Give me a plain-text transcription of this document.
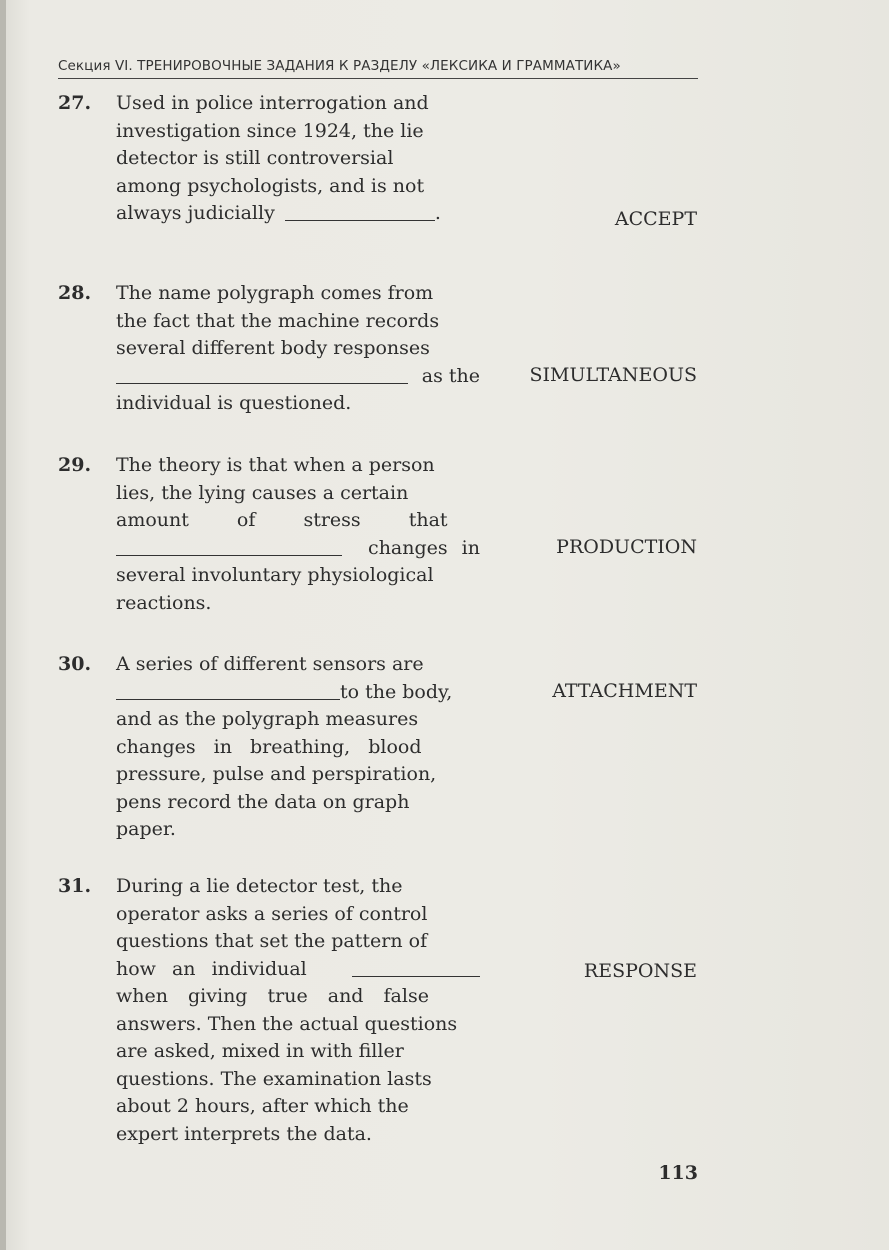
Секция VI. ТРЕНИРОВОЧНЫЕ ЗАДАНИЯ К РАЗДЕЛУ «ЛЕКСИКА И ГРАММАТИКА»
27.	Used in police interrogation and
investigation since 1924, the lie
detector is still controversial
among psychologists, and is not
always judicially	.	ACCEPT
28.	The name polygraph comes from
the fact that the machine records
several different body responses
as the
individual is questioned.
SIMULTANEOUS
29.	The theory is that when a person
lies, the lying causes a certain
amount of stress that
changes in
several involuntary physiological
reactions.
PRODUCTION
30.	A series of different sensors are
to the body,
and as the polygraph measures
changes in breathing, blood
pressure, pulse and perspiration,
pens record the data on graph
paper.
ATTACHMENT
31.	During a lie detector test, the
operator asks a series of control
questions that set the pattern of
how an individual
when giving true and false
answers. Then the actual questions
are asked, mixed in with filler
questions. The examination lasts
about 2 hours, after which the
expert interprets the data.
RESPONSE
113
